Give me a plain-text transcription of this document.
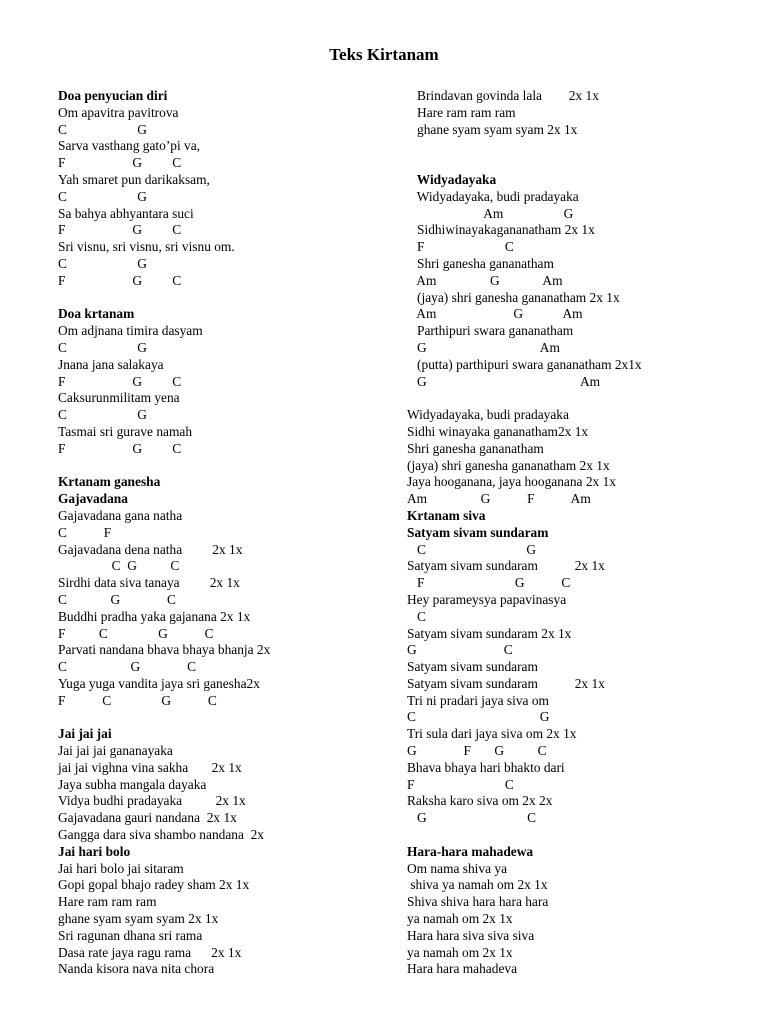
Teks Kirtanam
Doa penyucian diri
Om apavitra pavitrova
C                     G
Sarva vasthang gato’pi va,
F                    G         C
Yah smaret pun darikaksam,
C                     G
Sa bahya abhyantara suci
F                    G         C
Sri visnu, sri visnu, sri visnu om.
C                     G
F                    G         C
Doa krtanam
Om adjnana timira dasyam
C                     G
Jnana jana salakaya
F                    G         C
Caksurunmilitam yena
C                     G
Tasmai sri gurave namah
F                    G         C
Krtanam ganesha
Gajavadana
Gajavadana gana natha
C           F
Gajavadana dena natha         2x 1x
C  G          C
Sirdhi data siva tanaya         2x 1x
C             G              C
Buddhi pradha yaka gajanana 2x 1x
F          C               G           C
Parvati nandana bhava bhaya bhanja 2x
C                   G              C
Yuga yuga vandita jaya sri ganesha2x
F           C               G           C
Jai jai jai
Jai jai jai gananayaka
jai jai vighna vina sakha       2x 1x
Jaya subha mangala dayaka
Vidya budhi pradayaka          2x 1x
Gajavadana gauri nandana  2x 1x
Gangga dara siva shambo nandana  2x
Jai hari bolo
Jai hari bolo jai sitaram
Gopi gopal bhajo radey sham 2x 1x
Hare ram ram ram
ghane syam syam syam 2x 1x
Sri ragunan dhana sri rama
Dasa rate jaya ragu rama      2x 1x
Nanda kisora nava nita chora
Brindavan govinda lala        2x 1x
Hare ram ram ram
ghane syam syam syam 2x 1x
Widyadayaka
Widyadayaka, budi pradayaka
Am                  G
Sidhiwinayakagananatham 2x 1x
F                        C
Shri ganesha gananatham
Am                G             Am
(jaya) shri ganesha gananatham 2x 1x
Am                       G            Am
Parthipuri swara gananatham
G                                  Am
(putta) parthipuri swara gananatham 2x1x
G                                              Am
Widyadayaka, budi pradayaka
Sidhi winayaka gananatham2x 1x
Shri ganesha gananatham
(jaya) shri ganesha gananatham 2x 1x
Jaya hooganana, jaya hooganana 2x 1x
Am                G           F           Am
Krtanam siva
Satyam sivam sundaram
C                              G
Satyam sivam sundaram           2x 1x
F                           G           C
Hey parameysya papavinasya
C
Satyam sivam sundaram 2x 1x
G                          C
Satyam sivam sundaram
Satyam sivam sundaram           2x 1x
Tri ni pradari jaya siva om
C                                     G
Tri sula dari jaya siva om 2x 1x
G              F       G          C
Bhava bhaya hari bhakto dari
F                           C
Raksha karo siva om 2x 2x
G                              C
Hara-hara mahadewa
Om nama shiva ya
shiva ya namah om 2x 1x
Shiva shiva hara hara hara
ya namah om 2x 1x
Hara hara siva siva siva
ya namah om 2x 1x
Hara hara mahadeva
